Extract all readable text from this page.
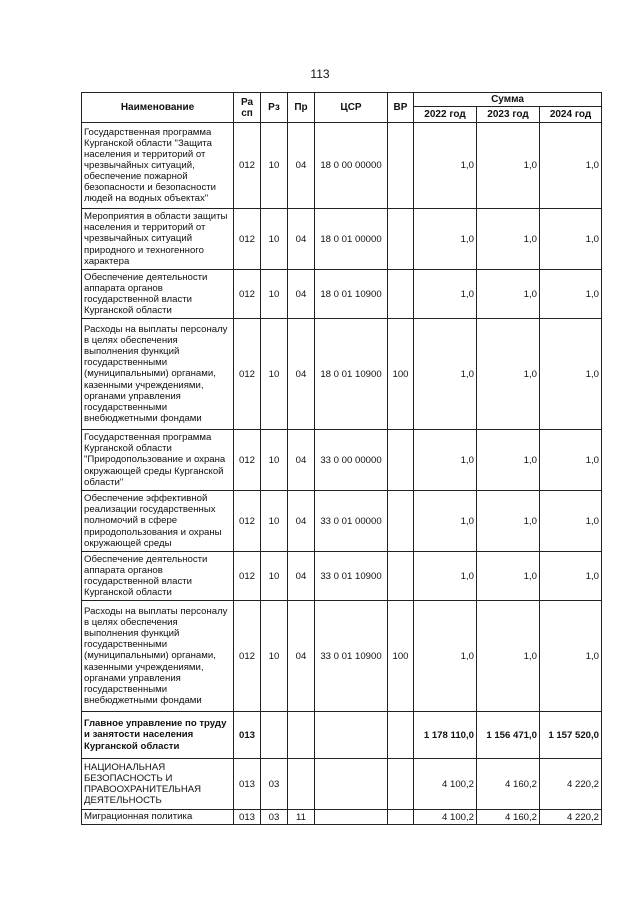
113
Наименование	Ра сп	Рз	Пр	ЦСР	ВР	Сумма		
						2022 год	2023 год	2024 год
Государственная программа Курганской области "Защита населения и территорий от чрезвычайных ситуаций, обеспечение пожарной безопасности и безопасности людей на водных объектах"	012	10	04	18 0 00 00000		1,0	1,0	1,0
Мероприятия в области защиты населения и территорий от чрезвычайных ситуаций природного и техногенного характера	012	10	04	18 0 01 00000		1,0	1,0	1,0
Обеспечение деятельности аппарата органов государственной власти Курганской области	012	10	04	18 0 01 10900		1,0	1,0	1,0
Расходы на выплаты персоналу в целях обеспечения выполнения функций государственными (муниципальными) органами, казенными учреждениями, органами управления государственными внебюджетными фондами	012	10	04	18 0 01 10900	100	1,0	1,0	1,0
Государственная программа Курганской области "Природопользование и охрана окружающей среды Курганской области"	012	10	04	33 0 00 00000		1,0	1,0	1,0
Обеспечение эффективной реализации государственных полномочий в сфере природопользования и охраны окружающей среды	012	10	04	33 0 01 00000		1,0	1,0	1,0
Обеспечение деятельности аппарата органов государственной власти Курганской области	012	10	04	33 0 01 10900		1,0	1,0	1,0
Расходы на выплаты персоналу в целях обеспечения выполнения функций государственными (муниципальными) органами, казенными учреждениями, органами управления государственными внебюджетными фондами	012	10	04	33 0 01 10900	100	1,0	1,0	1,0
Главное управление по труду и занятости населения Курганской области	013					1 178 110,0	1 156 471,0	1 157 520,0
НАЦИОНАЛЬНАЯ БЕЗОПАСНОСТЬ И ПРАВООХРАНИТЕЛЬНАЯ ДЕЯТЕЛЬНОСТЬ	013	03				4 100,2	4 160,2	4 220,2
Миграционная политика	013	03	11			4 100,2	4 160,2	4 220,2
